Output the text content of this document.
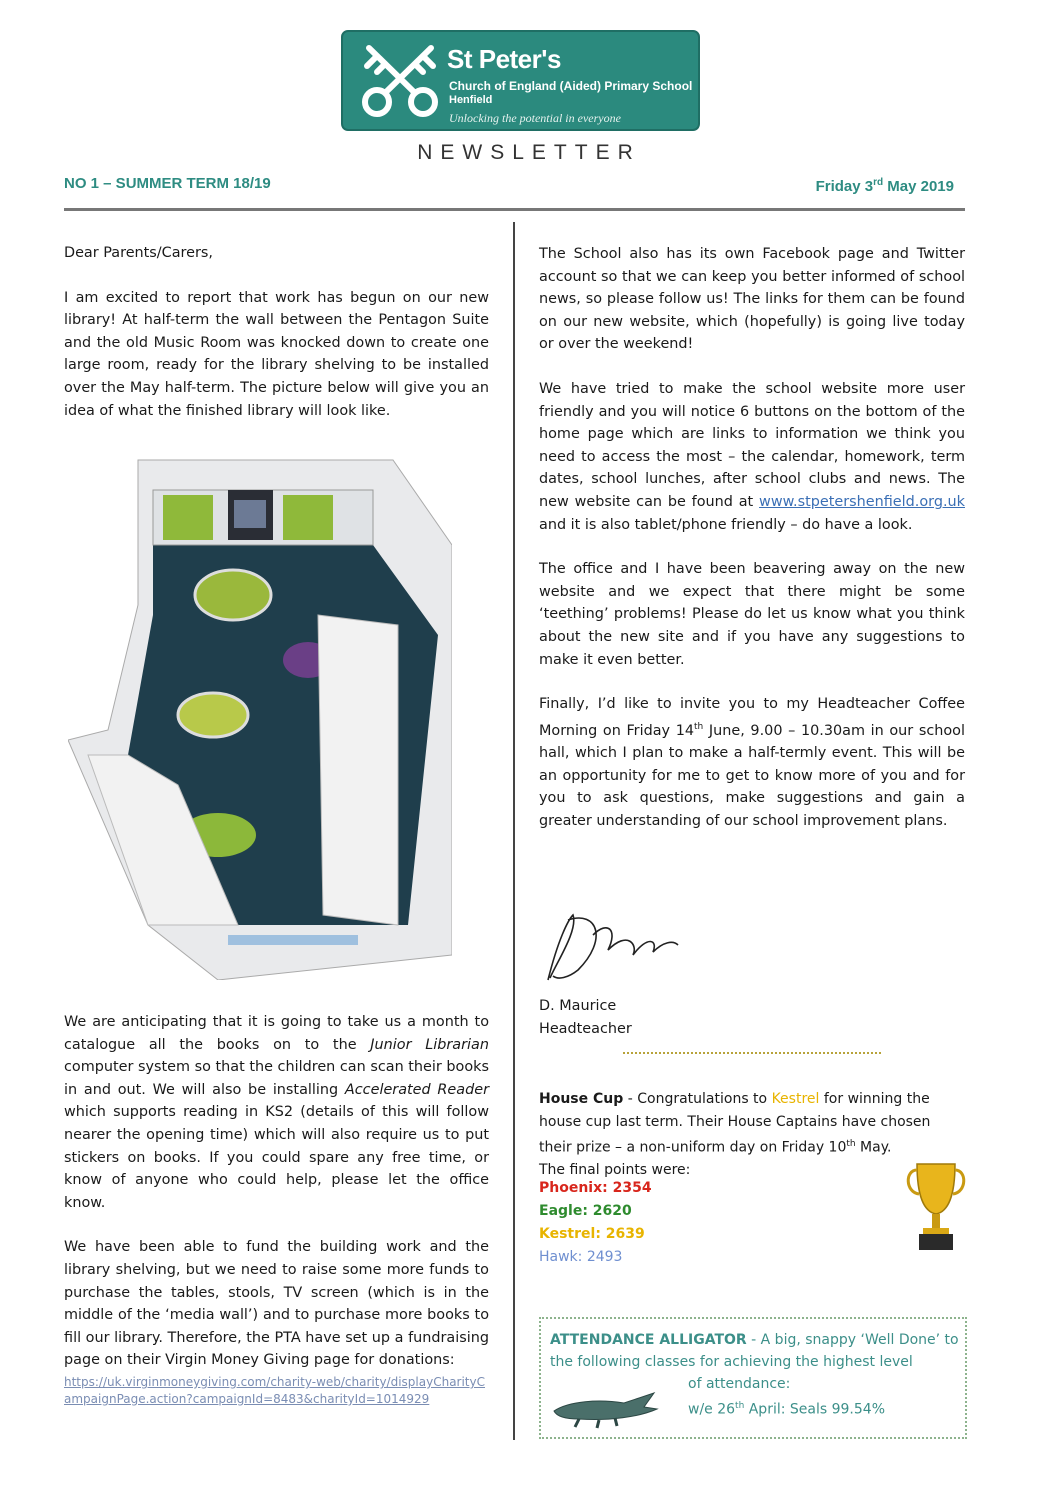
St Peter's
Church of England (Aided) Primary School
Henfield
Unlocking the potential in everyone
NEWSLETTER
NO 1 – SUMMER TERM 18/19	Friday 3rd May 2019

Dear Parents/Carers,

I am excited to report that work has begun on our new library! At half-term the wall between the Pentagon Suite and the old Music Room was knocked down to create one large room, ready for the library shelving to be installed over the May half-term. The picture below will give you an idea of what the finished library will look like.

We are anticipating that it is going to take us a month to catalogue all the books on to the Junior Librarian computer system so that the children can scan their books in and out. We will also be installing Accelerated Reader which supports reading in KS2 (details of this will follow nearer the opening time) which will also require us to put stickers on books. If you could spare any free time, or know of anyone who could help, please let the office know.

We have been able to fund the building work and the library shelving, but we need to raise some more funds to purchase the tables, stools, TV screen (which is in the middle of the ‘media wall’) and to purchase more books to fill our library. Therefore, the PTA have set up a fundraising page on their Virgin Money Giving page for donations:

https://uk.virginmoneygiving.com/charity-web/charity/displayCharityCampaignPage.action?campaignId=8483&charityId=1014929

The School also has its own Facebook page and Twitter account so that we can keep you better informed of school news, so please follow us! The links for them can be found on our new website, which (hopefully) is going live today or over the weekend!

We have tried to make the school website more user friendly and you will notice 6 buttons on the bottom of the home page which are links to information we think you need to access the most – the calendar, homework, term dates, school lunches, after school clubs and news. The new website can be found at www.stpetershenfield.org.uk and it is also tablet/phone friendly – do have a look.

The office and I have been beavering away on the new website and we expect that there might be some ‘teething’ problems! Please do let us know what you think about the new site and if you have any suggestions to make it even better.

Finally, I’d like to invite you to my Headteacher Coffee Morning on Friday 14th June, 9.00 – 10.30am in our school hall, which I plan to make a half-termly event. This will be an opportunity for me to get to know more of you and for you to ask questions, make suggestions and gain a greater understanding of our school improvement plans.

D. Maurice
Headteacher
House Cup - Congratulations to Kestrel for winning the house cup last term. Their House Captains have chosen their prize – a non-uniform day on Friday 10th May.
The final points were:
Phoenix: 2354
Eagle: 2620
Kestrel: 2639
Hawk: 2493
ATTENDANCE ALLIGATOR - A big, snappy ‘Well Done’ to the following classes for achieving the highest level
of attendance:
w/e 26th April: Seals 99.54%
